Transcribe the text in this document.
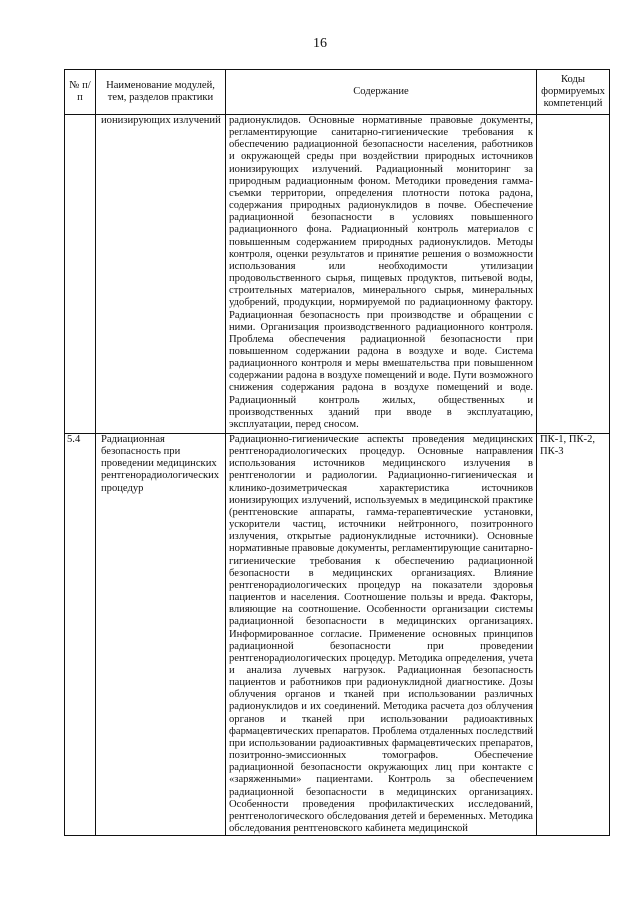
16
№ п/п	Наименование модулей, тем, разделов практики	Содержание	Коды формируемых компетенций
	ионизирующих излучений	радионуклидов. Основные нормативные правовые документы, регламентирующие санитарно-гигиенические требования к обеспечению радиационной безопасности населения, работников и окружающей среды при воздействии природных источников ионизирующих излучений. Радиационный мониторинг за природным радиационным фоном. Методики проведения гамма-съемки территории, определения плотности потока радона, содержания природных радионуклидов в почве. Обеспечение радиационной безопасности в условиях повышенного радиационного фона. Радиационный контроль материалов с повышенным содержанием природных радионуклидов. Методы контроля, оценки результатов и принятие решения о возможности использования или необходимости утилизации продовольственного сырья, пищевых продуктов, питьевой воды, строительных материалов, минерального сырья, минеральных удобрений, продукции, нормируемой по радиационному фактору. Радиационная безопасность при производстве и обращении с ними. Организация производственного радиационного контроля. Проблема обеспечения радиационной безопасности при повышенном содержании радона в воздухе и воде. Система радиационного контроля и меры вмешательства при повышенном содержании радона в воздухе помещений и воде. Пути возможного снижения содержания радона в воздухе помещений и воде. Радиационный контроль жилых, общественных и производственных зданий при вводе в эксплуатацию, эксплуатации, перед сносом.	
5.4	Радиационная безопасность при проведении медицинских рентгенорадиологических процедур	Радиационно-гигиенические аспекты проведения медицинских рентгенорадиологических процедур. Основные направления использования источников медицинского излучения в рентгенологии и радиологии. Радиационно-гигиеническая и клинико-дозиметрическая характеристика источников ионизирующих излучений, используемых в медицинской практике (рентгеновские аппараты, гамма-терапевтические установки, ускорители частиц, источники нейтронного, позитронного излучения, открытые радионуклидные источники). Основные нормативные правовые документы, регламентирующие санитарно-гигиенические требования к обеспечению радиационной безопасности в медицинских организациях. Влияние рентгенорадиологических процедур на показатели здоровья пациентов и населения. Соотношение пользы и вреда. Факторы, влияющие на соотношение. Особенности организации системы радиационной безопасности в медицинских организациях. Информированное согласие. Применение основных принципов радиационной безопасности при проведении рентгенорадиологических процедур. Методика определения, учета и анализа лучевых нагрузок. Радиационная безопасность пациентов и работников при радионуклидной диагностике. Дозы облучения органов и тканей при использовании различных радионуклидов и их соединений. Методика расчета доз облучения органов и тканей при использовании радиоактивных фармацевтических препаратов. Проблема отдаленных последствий при использовании радиоактивных фармацевтических препаратов, позитронно-эмиссионных томографов. Обеспечение радиационной безопасности окружающих лиц при контакте с «заряженными» пациентами. Контроль за обеспечением радиационной безопасности в медицинских организациях. Особенности проведения профилактических исследований, рентгенологического обследования детей и беременных. Методика обследования рентгеновского кабинета медицинской	ПК-1, ПК-2, ПК-3
